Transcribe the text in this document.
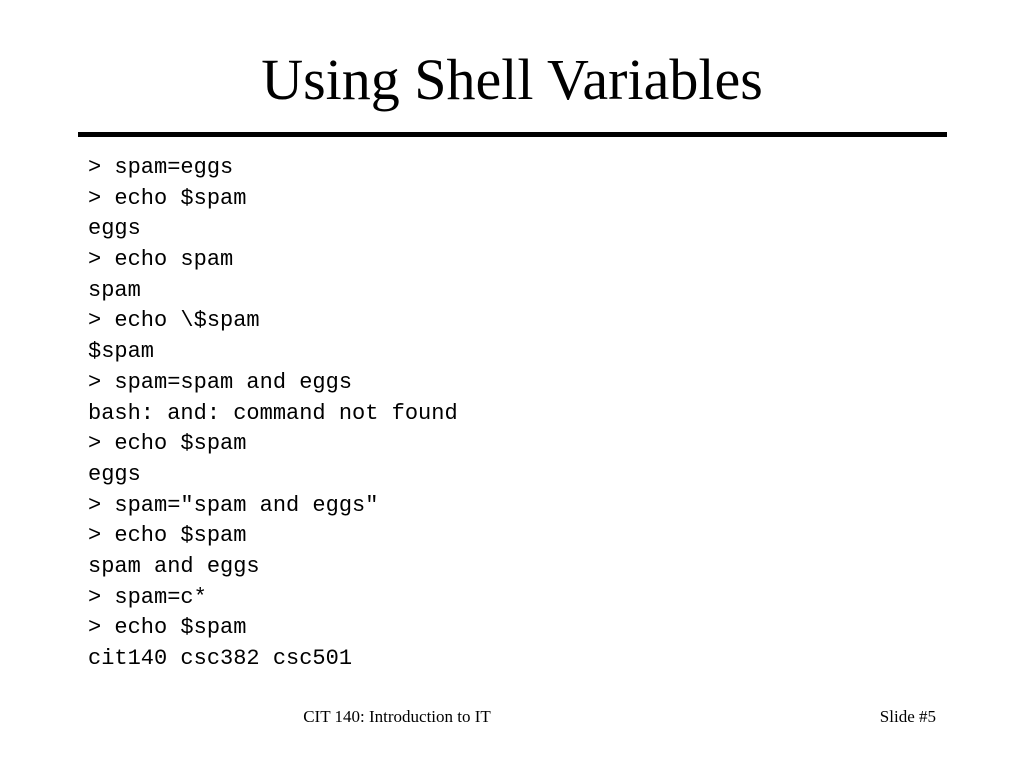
Using Shell Variables
> spam=eggs
> echo $spam
eggs
> echo spam
spam
> echo \$spam
$spam
> spam=spam and eggs
bash: and: command not found
> echo $spam
eggs
> spam="spam and eggs"
> echo $spam
spam and eggs
> spam=c*
> echo $spam
cit140 csc382 csc501
CIT 140: Introduction to IT	Slide #5
